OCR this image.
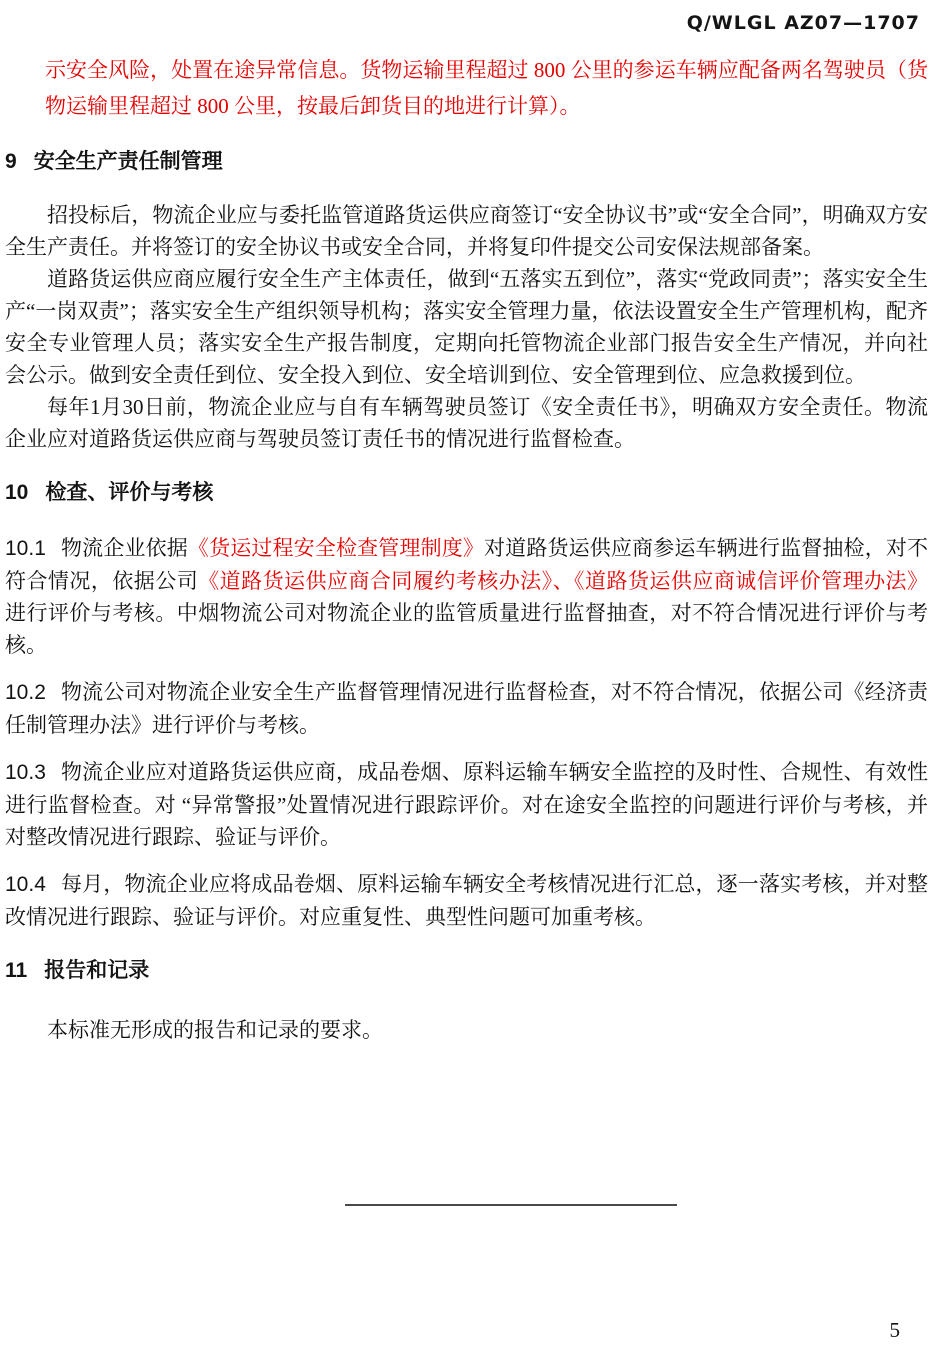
Q/WLGL AZ07—1707

示安全风险，处置在途异常信息。货物运输里程超过 800 公里的参运车辆应配备两名驾驶员（货物运输里程超过 800 公里，按最后卸货目的地进行计算）。

9 安全生产责任制管理

招投标后，物流企业应与委托监管道路货运供应商签订“安全协议书”或“安全合同”，明确双方安全生产责任。并将签订的安全协议书或安全合同，并将复印件提交公司安保法规部备案。

道路货运供应商应履行安全生产主体责任，做到“五落实五到位”，落实“党政同责”；落实安全生产“一岗双责”；落实安全生产组织领导机构；落实安全管理力量，依法设置安全生产管理机构，配齐安全专业管理人员；落实安全生产报告制度，定期向托管物流企业部门报告安全生产情况，并向社会公示。做到安全责任到位、安全投入到位、安全培训到位、安全管理到位、应急救援到位。

每年1月30日前，物流企业应与自有车辆驾驶员签订《安全责任书》，明确双方安全责任。物流企业应对道路货运供应商与驾驶员签订责任书的情况进行监督检查。

10 检查、评价与考核

10.1 物流企业依据《货运过程安全检查管理制度》对道路货运供应商参运车辆进行监督抽检，对不符合情况，依据公司《道路货运供应商合同履约考核办法》、《道路货运供应商诚信评价管理办法》进行评价与考核。中烟物流公司对物流企业的监管质量进行监督抽查，对不符合情况进行评价与考核。

10.2 物流公司对物流企业安全生产监督管理情况进行监督检查，对不符合情况，依据公司《经济责任制管理办法》进行评价与考核。

10.3 物流企业应对道路货运供应商，成品卷烟、原料运输车辆安全监控的及时性、合规性、有效性进行监督检查。对 “异常警报”处置情况进行跟踪评价。对在途安全监控的问题进行评价与考核，并对整改情况进行跟踪、验证与评价。

10.4 每月，物流企业应将成品卷烟、原料运输车辆安全考核情况进行汇总，逐一落实考核，并对整改情况进行跟踪、验证与评价。对应重复性、典型性问题可加重考核。

11 报告和记录

本标准无形成的报告和记录的要求。

5
